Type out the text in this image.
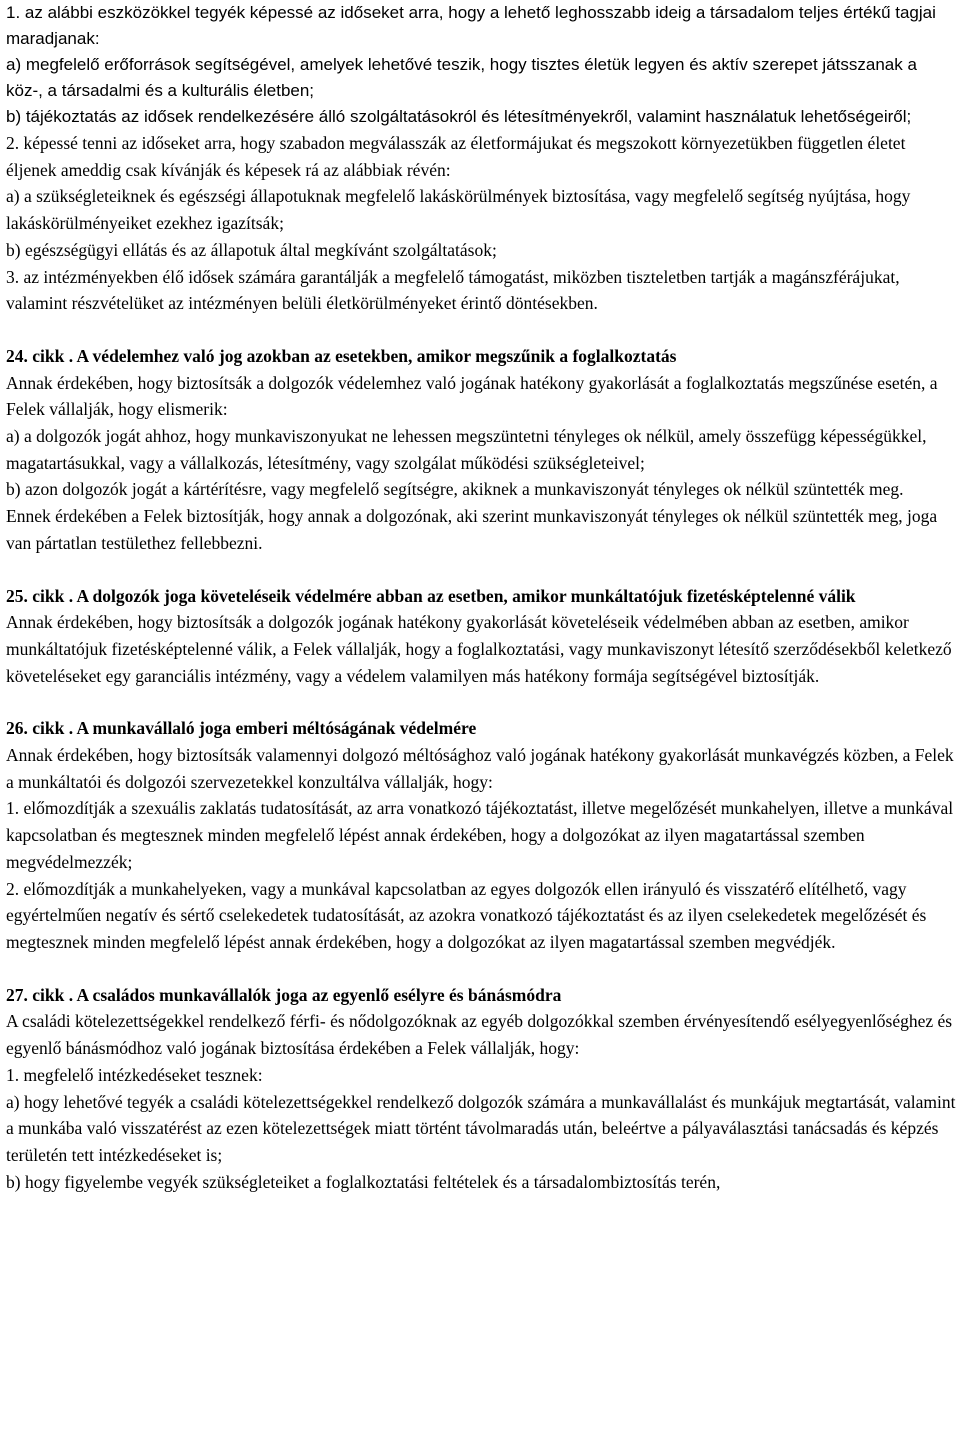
1. az alábbi eszközökkel tegyék képessé az időseket arra, hogy a lehető leghosszabb ideig a társadalom teljes értékű tagjai maradjanak:

a) megfelelő erőforrások segítségével, amelyek lehetővé teszik, hogy tisztes életük legyen és aktív szerepet játsszanak a köz-, a társadalmi és a kulturális életben;

b) tájékoztatás az idősek rendelkezésére álló szolgáltatásokról és létesítményekről, valamint használatuk lehetőségeiről;

2. képessé tenni az időseket arra, hogy szabadon megválasszák az életformájukat és megszokott környezetükben független életet éljenek ameddig csak kívánják és képesek rá az alábbiak révén:

a) a szükségleteiknek és egészségi állapotuknak megfelelő lakáskörülmények biztosítása, vagy megfelelő segítség nyújtása, hogy lakáskörülményeiket ezekhez igazítsák;

b) egészségügyi ellátás és az állapotuk által megkívánt szolgáltatások;

3. az intézményekben élő idősek számára garantálják a megfelelő támogatást, miközben tiszteletben tartják a magánszférájukat, valamint részvételüket az intézményen belüli életkörülményeket érintő döntésekben.

24. cikk . A védelemhez való jog azokban az esetekben, amikor megszűnik a foglalkoztatás

Annak érdekében, hogy biztosítsák a dolgozók védelemhez való jogának hatékony gyakorlását a foglalkoztatás megszűnése esetén, a Felek vállalják, hogy elismerik:

a) a dolgozók jogát ahhoz, hogy munkaviszonyukat ne lehessen megszüntetni tényleges ok nélkül, amely összefügg képességükkel, magatartásukkal, vagy a vállalkozás, létesítmény, vagy szolgálat működési szükségleteivel;

b) azon dolgozók jogát a kártérítésre, vagy megfelelő segítségre, akiknek a munkaviszonyát tényleges ok nélkül szüntették meg.

Ennek érdekében a Felek biztosítják, hogy annak a dolgozónak, aki szerint munkaviszonyát tényleges ok nélkül szüntették meg, joga van pártatlan testülethez fellebbezni.

25. cikk . A dolgozók joga követeléseik védelmére abban az esetben, amikor munkáltatójuk fizetésképtelenné válik

Annak érdekében, hogy biztosítsák a dolgozók jogának hatékony gyakorlását követeléseik védelmében abban az esetben, amikor munkáltatójuk fizetésképtelenné válik, a Felek vállalják, hogy a foglalkoztatási, vagy munkaviszonyt létesítő szerződésekből keletkező követeléseket egy garanciális intézmény, vagy a védelem valamilyen más hatékony formája segítségével biztosítják.

26. cikk . A munkavállaló joga emberi méltóságának védelmére

Annak érdekében, hogy biztosítsák valamennyi dolgozó méltósághoz való jogának hatékony gyakorlását munkavégzés közben, a Felek a munkáltatói és dolgozói szervezetekkel konzultálva vállalják, hogy:

1. előmozdítják a szexuális zaklatás tudatosítását, az arra vonatkozó tájékoztatást, illetve megelőzését munkahelyen, illetve a munkával kapcsolatban és megtesznek minden megfelelő lépést annak érdekében, hogy a dolgozókat az ilyen magatartással szemben megvédelmezzék;

2. előmozdítják a munkahelyeken, vagy a munkával kapcsolatban az egyes dolgozók ellen irányuló és visszatérő elítélhető, vagy egyértelműen negatív és sértő cselekedetek tudatosítását, az azokra vonatkozó tájékoztatást és az ilyen cselekedetek megelőzését és megtesznek minden megfelelő lépést annak érdekében, hogy a dolgozókat az ilyen magatartással szemben megvédjék.

27. cikk . A családos munkavállalók joga az egyenlő esélyre és bánásmódra

A családi kötelezettségekkel rendelkező férfi- és nődolgozóknak az egyéb dolgozókkal szemben érvényesítendő esélyegyenlőséghez és egyenlő bánásmódhoz való jogának biztosítása érdekében a Felek vállalják, hogy:

1. megfelelő intézkedéseket tesznek:

a) hogy lehetővé tegyék a családi kötelezettségekkel rendelkező dolgozók számára a munkavállalást és munkájuk megtartását, valamint a munkába való visszatérést az ezen kötelezettségek miatt történt távolmaradás után, beleértve a pályaválasztási tanácsadás és képzés területén tett intézkedéseket is;

b) hogy figyelembe vegyék szükségleteiket a foglalkoztatási feltételek és a társadalombiztosítás terén,
